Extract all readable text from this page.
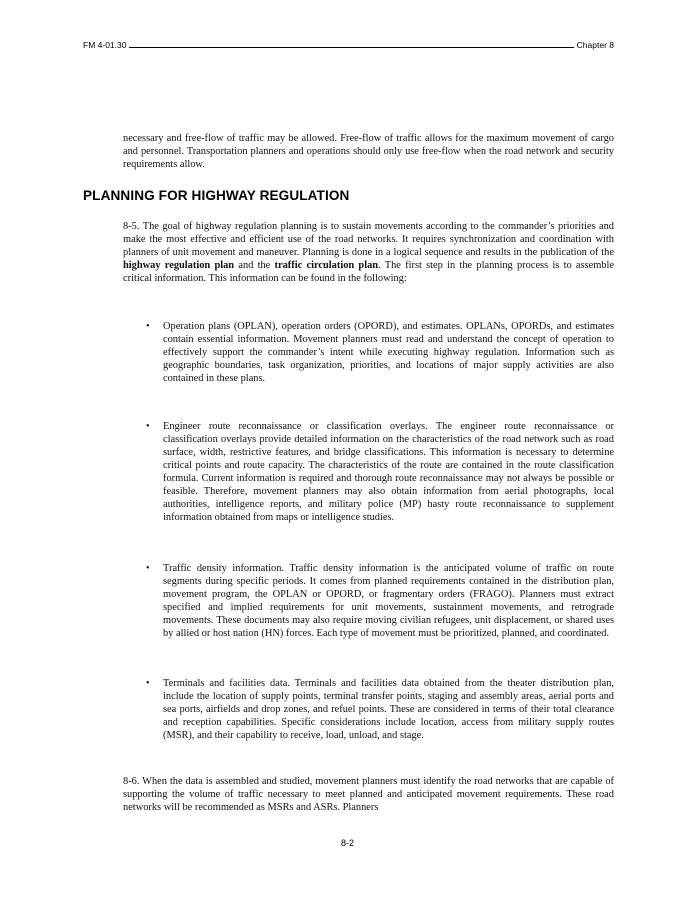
FM 4-01.30	Chapter 8

necessary and free-flow of traffic may be allowed. Free-flow of traffic allows for the maximum movement of cargo and personnel. Transportation planners and operations should only use free-flow when the road network and security requirements allow.

PLANNING FOR HIGHWAY REGULATION

8-5. The goal of highway regulation planning is to sustain movements according to the commander’s priorities and make the most effective and efficient use of the road networks. It requires synchronization and coordination with planners of unit movement and maneuver. Planning is done in a logical sequence and results in the publication of the highway regulation plan and the traffic circulation plan. The first step in the planning process is to assemble critical information. This information can be found in the following:

• Operation plans (OPLAN), operation orders (OPORD), and estimates. OPLANs, OPORDs, and estimates contain essential information. Movement planners must read and understand the concept of operation to effectively support the commander’s intent while executing highway regulation. Information such as geographic boundaries, task organization, priorities, and locations of major supply activities are also contained in these plans.

• Engineer route reconnaissance or classification overlays. The engineer route reconnaissance or classification overlays provide detailed information on the characteristics of the road network such as road surface, width, restrictive features, and bridge classifications. This information is necessary to determine critical points and route capacity. The characteristics of the route are contained in the route classification formula. Current information is required and thorough route reconnaissance may not always be possible or feasible. Therefore, movement planners may also obtain information from aerial photographs, local authorities, intelligence reports, and military police (MP) hasty route reconnaissance to supplement information obtained from maps or intelligence studies.

• Traffic density information. Traffic density information is the anticipated volume of traffic on route segments during specific periods. It comes from planned requirements contained in the distribution plan, movement program, the OPLAN or OPORD, or fragmentary orders (FRAGO). Planners must extract specified and implied requirements for unit movements, sustainment movements, and retrograde movements. These documents may also require moving civilian refugees, unit displacement, or shared uses by allied or host nation (HN) forces. Each type of movement must be prioritized, planned, and coordinated.

• Terminals and facilities data. Terminals and facilities data obtained from the theater distribution plan, include the location of supply points, terminal transfer points, staging and assembly areas, aerial ports and sea ports, airfields and drop zones, and refuel points. These are considered in terms of their total clearance and reception capabilities. Specific considerations include location, access from military supply routes (MSR), and their capability to receive, load, unload, and stage.

8-6. When the data is assembled and studied, movement planners must identify the road networks that are capable of supporting the volume of traffic necessary to meet planned and anticipated movement requirements. These road networks will be recommended as MSRs and ASRs. Planners

8-2
